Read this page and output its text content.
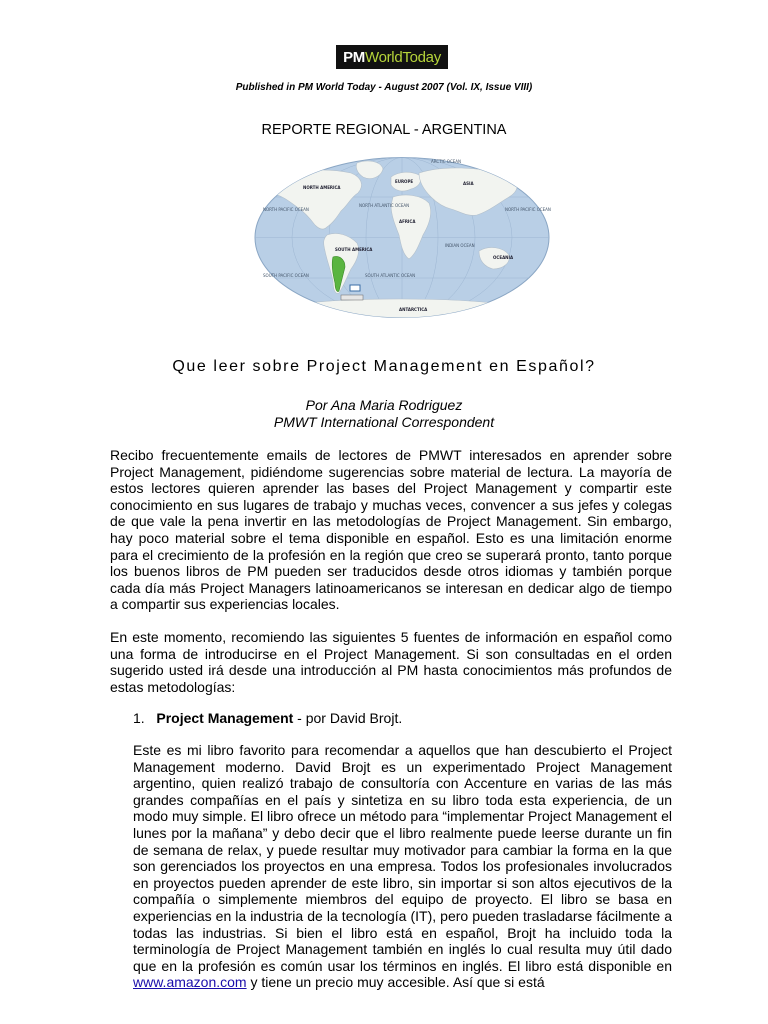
PM WorldToday
Published in PM World Today - August 2007 (Vol. IX, Issue VIII)
REPORTE REGIONAL - ARGENTINA
ARCTIC OCEAN
NORTH AMERICA
EUROPE	ASIA
NORTH PACIFIC OCEAN
NORTH ATLANTIC OCEAN
NORTH PACIFIC OCEAN
AFRICA
SOUTH AMERICA
INDIAN OCEAN
OCEANIA
SOUTH PACIFIC OCEAN	SOUTH ATLANTIC OCEAN
ANTARCTICA
Que leer sobre Project Management en Español?
Por Ana Maria Rodriguez
PMWT International Correspondent

Recibo frecuentemente emails de lectores de PMWT interesados en aprender sobre Project Management, pidiéndome sugerencias sobre material de lectura. La mayoría de estos lectores quieren aprender las bases del Project Management y compartir este conocimiento en sus lugares de trabajo y muchas veces, convencer a sus jefes y colegas de que vale la pena invertir en las metodologías de Project Management. Sin embargo, hay poco material sobre el tema disponible en español. Esto es una limitación enorme para el crecimiento de la profesión en la región que creo se superará pronto, tanto porque los buenos libros de PM pueden ser traducidos desde otros idiomas y también porque cada día más Project Managers latinoamericanos se interesan en dedicar algo de tiempo a compartir sus experiencias locales.

En este momento, recomiendo las siguientes 5 fuentes de información en español como una forma de introducirse en el Project Management. Si son consultadas en el orden sugerido usted irá desde una introducción al PM hasta conocimientos más profundos de estas metodologías:

1. Project Management - por David Brojt.

Este es mi libro favorito para recomendar a aquellos que han descubierto el Project Management moderno. David Brojt es un experimentado Project Management argentino, quien realizó trabajo de consultoría con Accenture en varias de las más grandes compañías en el país y sintetiza en su libro toda esta experiencia, de un modo muy simple. El libro ofrece un método para “implementar Project Management el lunes por la mañana” y debo decir que el libro realmente puede leerse durante un fin de semana de relax, y puede resultar muy motivador para cambiar la forma en la que son gerenciados los proyectos en una empresa. Todos los profesionales involucrados en proyectos pueden aprender de este libro, sin importar si son altos ejecutivos de la compañía o simplemente miembros del equipo de proyecto. El libro se basa en experiencias en la industria de la tecnología (IT), pero pueden trasladarse fácilmente a todas las industrias. Si bien el libro está en español, Brojt ha incluido toda la terminología de Project Management también en inglés lo cual resulta muy útil dado que en la profesión es común usar los términos en inglés. El libro está disponible en www.amazon.com y tiene un precio muy accesible. Así que si está
